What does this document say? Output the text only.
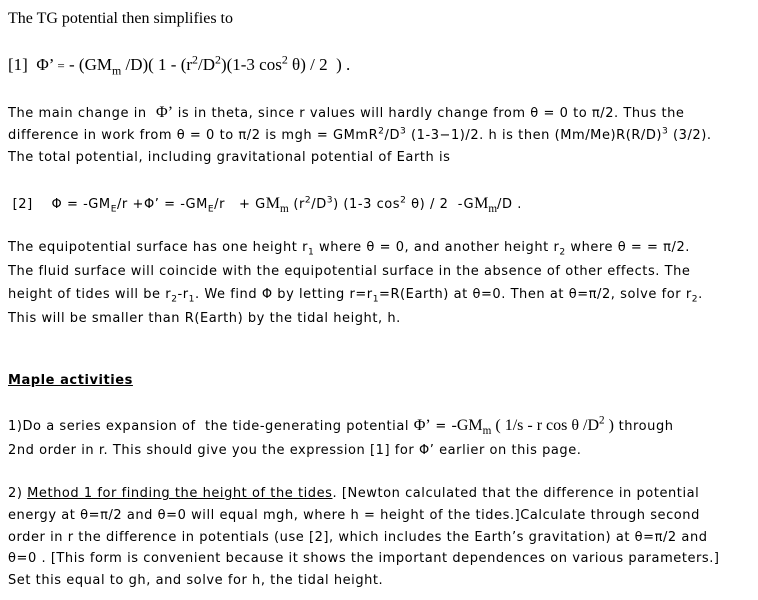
The TG potential then simplifies to
[1]  Φ’ = - ($GM_m$ /D)( $1 - (r^2/D^2)(1-3$ $\cos^2 \theta) / 2$  ) .
The main change in  Φ’ is in theta, since r values will hardly change from θ = 0 to π/2. Thus the
difference in work from θ = 0 to π/2 is mgh = $GMmR^2/D^3$ (1-3−1)/2. h is then $(Mm/Me)R(R/D)^3$ (3/2).
The total potential, including gravitational potential of Earth is
[2]    $\Phi = -GM_E/r +\Phi$’ = $-GM_E/r + GM_m$ $(r^2/D^3)$ (1-3 $\cos^2 \theta) / 2$  $-GM_m/D$ .
The equipotential surface has one height $r_1$ where θ = 0, and another height $r_2$ where θ = = π/2.
The fluid surface will coincide with the equipotential surface in the absence of other effects. The
height of tides will be $r_2-r_1$. We find Φ by letting $r=r_1=R(Earth)$ at θ=0. Then at θ=π/2, solve for $r_2$.
This will be smaller than R(Earth) by the tidal height, h.
Maple activities
1)Do a series expansion of  the tide-generating potential Φ’ = $-GM_m$ ( 1/s - r cos θ $/D^2$ ) through
2nd order in r. This should give you the expression [1] for Φ’ earlier on this page.
2) Method 1 for finding the height of the tides. [Newton calculated that the difference in potential
energy at θ=π/2 and θ=0 will equal mgh, where h = height of the tides.]Calculate through second
order in r the difference in potentials (use [2], which includes the Earth’s gravitation) at θ=π/2 and
θ=0 . [This form is convenient because it shows the important dependences on various parameters.]
Set this equal to gh, and solve for h, the tidal height.
